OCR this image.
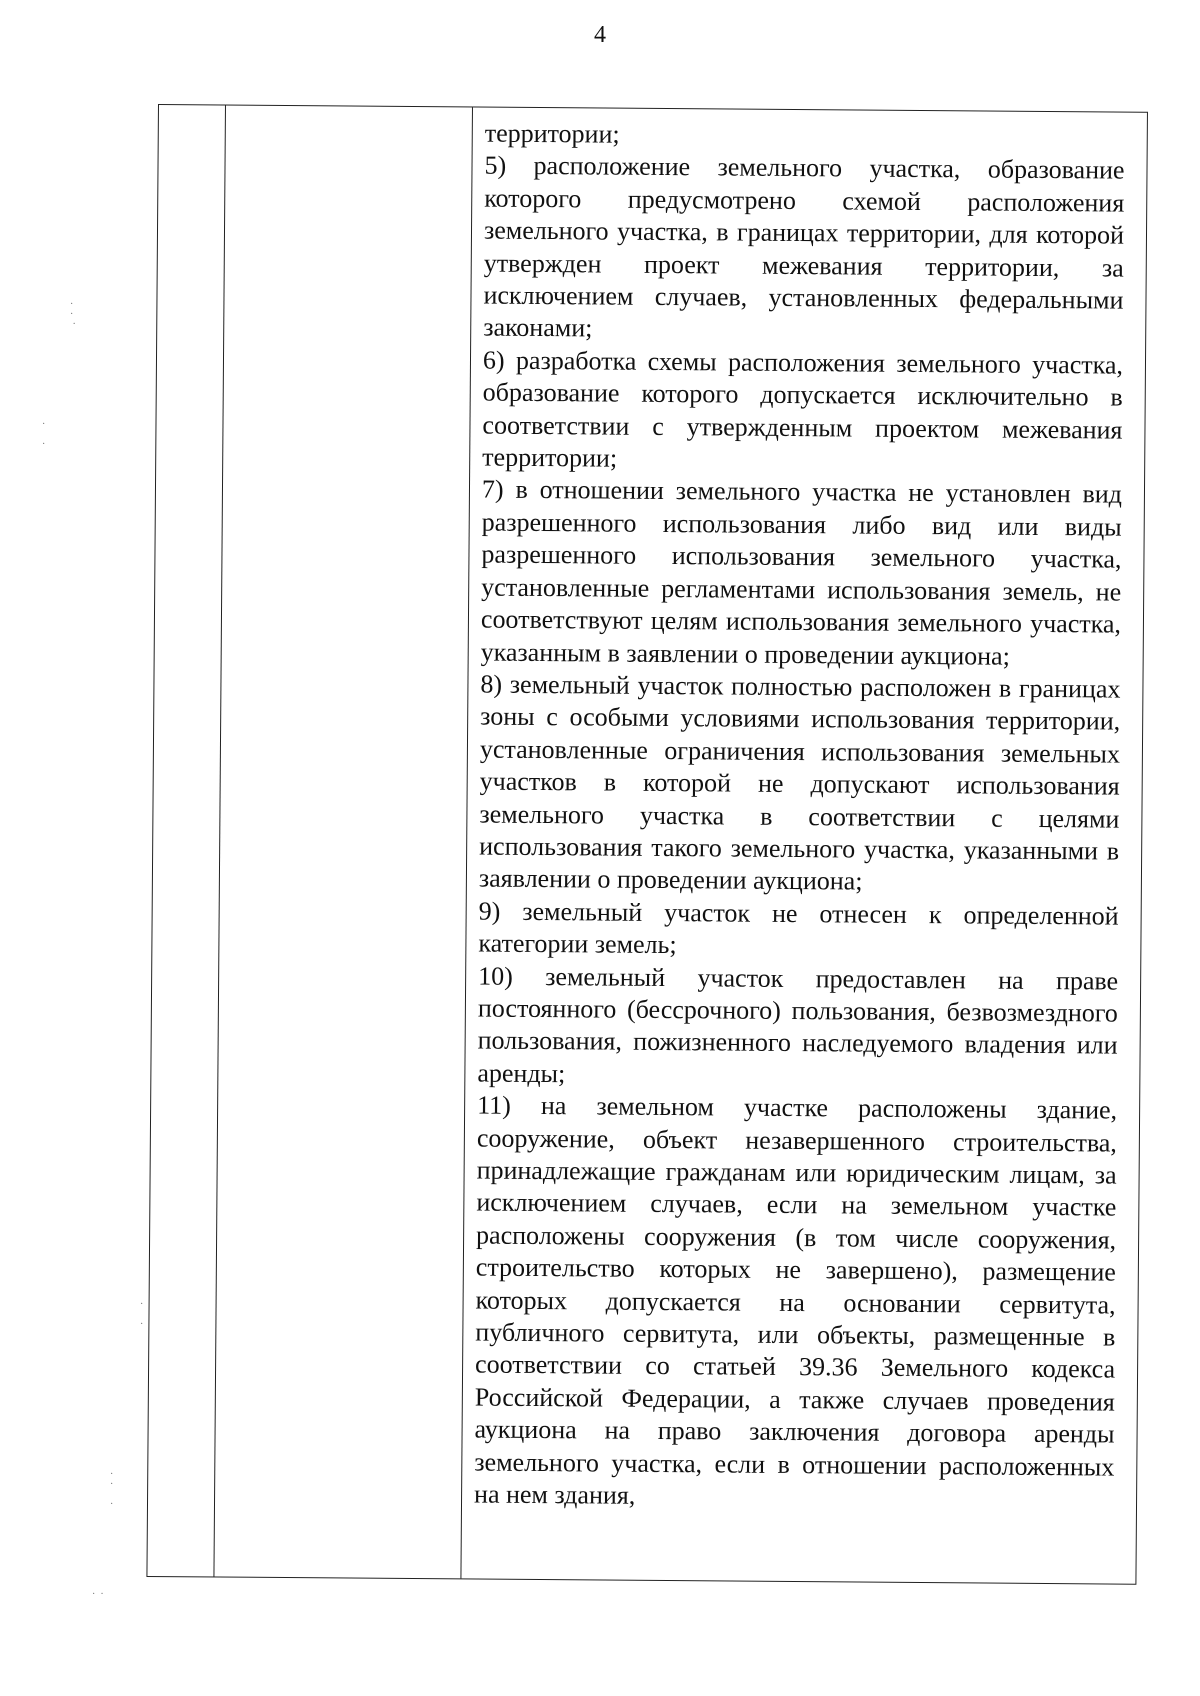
4

территории;

5) расположение земельного участка, образование которого предусмотрено схемой расположения земельного участка, в границах территории, для которой утвержден проект межевания территории, за исключением случаев, установленных федеральными законами;

6) разработка схемы расположения земельного участка, образование которого допускается исключительно в соответствии с утвержденным проектом межевания территории;

7) в отношении земельного участка не установлен вид разрешенного использования либо вид или виды разрешенного использования земельного участка, установленные регламентами использования земель, не соответствуют целям использования земельного участка, указанным в заявлении о проведении аукциона;

8) земельный участок полностью расположен в границах зоны с особыми условиями использования территории, установленные ограничения использования земельных участков в которой не допускают использования земельного участка в соответствии с целями использования такого земельного участка, указанными в заявлении о проведении аукциона;

9) земельный участок не отнесен к определенной категории земель;

10) земельный участок предоставлен на праве постоянного (бессрочного) пользования, безвозмездного пользования, пожизненного наследуемого владения или аренды;

11) на земельном участке расположены здание, сооружение, объект незавершенного строительства, принадлежащие гражданам или юридическим лицам, за исключением случаев, если на земельном участке расположены сооружения (в том числе сооружения, строительство которых не завершено), размещение которых допускается на основании сервитута, публичного сервитута, или объекты, размещенные в соответствии со статьей 39.36 Земельного кодекса Российской Федерации, а также случаев проведения аукциона на право заключения договора аренды земельного участка, если в отношении расположенных на нем здания,

·
·
·
·

·
·

·
·
·

·
·  ·
